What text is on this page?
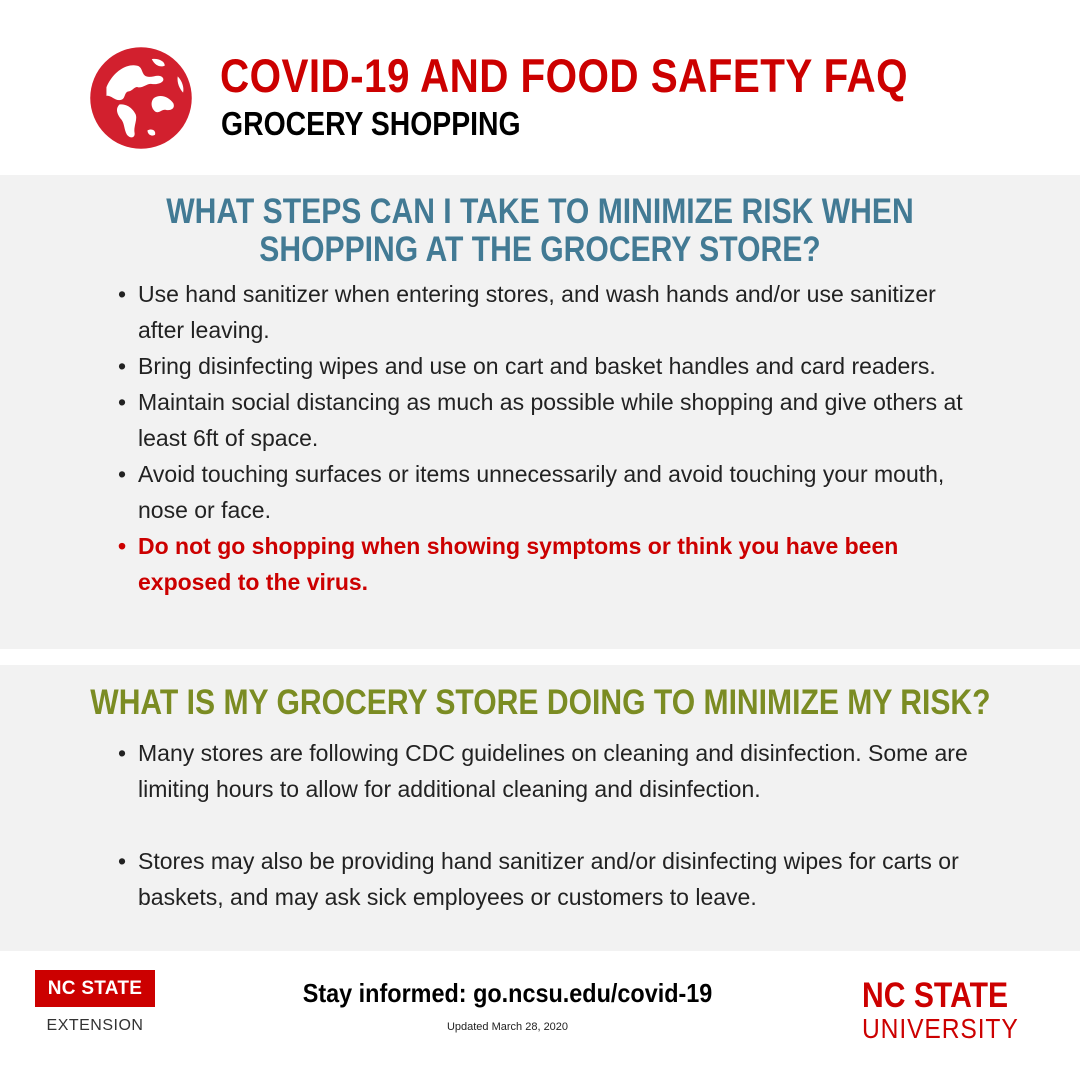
COVID-19 AND FOOD SAFETY FAQ
GROCERY SHOPPING
WHAT STEPS CAN I TAKE TO MINIMIZE RISK WHEN
SHOPPING AT THE GROCERY STORE?
• Use hand sanitizer when entering stores, and wash hands and/or use sanitizer after leaving.
• Bring disinfecting wipes and use on cart and basket handles and card readers.
• Maintain social distancing as much as possible while shopping and give others at least 6ft of space.
• Avoid touching surfaces or items unnecessarily and avoid touching your mouth, nose or face.
• Do not go shopping when showing symptoms or think you have been exposed to the virus.
WHAT IS MY GROCERY STORE DOING TO MINIMIZE MY RISK?
• Many stores are following CDC guidelines on cleaning and disinfection. Some are limiting hours to allow for additional cleaning and disinfection.
• Stores may also be providing hand sanitizer and/or disinfecting wipes for carts or baskets, and may ask sick employees or customers to leave.
NC STATE
EXTENSION
Stay informed: go.ncsu.edu/covid-19
Updated March 28, 2020
NC STATE
UNIVERSITY
